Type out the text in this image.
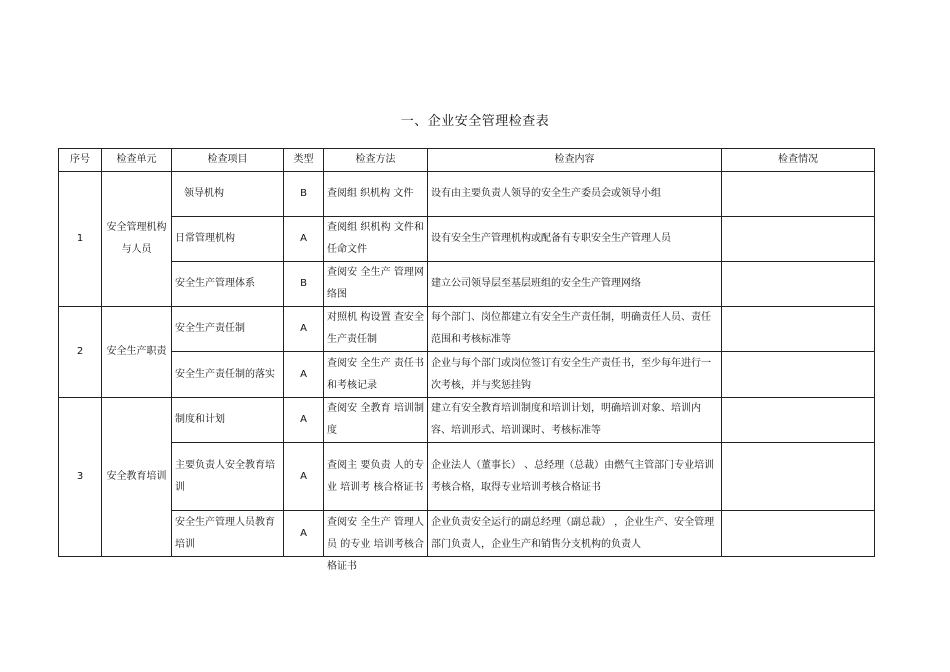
一、企业安全管理检查表
序号	检查单元	检查项目	类型	检查方法	检查内容	检查情况
1	安全管理机构与人员	领导机构	B	查阅组 织机构 文件	设有由主要负责人领导的安全生产委员会或领导小组	
		日常管理机构	A	查阅组 织机构 文件和任命文件	设有安全生产管理机构或配备有专职安全生产管理人员	
		安全生产管理体系	B	查阅安 全生产 管理网络图	建立公司领导层至基层班组的安全生产管理网络	
2	安全生产职责	安全生产责任制	A	对照机 构设置 查安全生产责任制	每个部门、岗位都建立有安全生产责任制，明确责任人员、责任范围和考核标准等	
		安全生产责任制的落实	A	查阅安 全生产 责任书和考核记录	企业与每个部门或岗位签订有安全生产责任书，至少每年进行一次考核，并与奖惩挂钩	
3	安全教育培训	制度和计划	A	查阅安 全教育 培训制度	建立有安全教育培训制度和培训计划，明确培训对象、培训内容、培训形式、培训课时、考核标准等	
		主要负责人安全教育培训	A	查阅主 要负责 人的专业 培训考 核合格证书	企业法人（董事长） 、总经理（总裁）由燃气主管部门专业培训考核合格，取得专业培训考核合格证书	

		安全生产管理人员教育培训	A	查阅安 全生产 管理人员 的专业 培训考核合格证书	企业负责安全运行的副总经理（副总裁） ，企业生产、安全管理部门负责人，企业生产和销售分支机构的负责人	
